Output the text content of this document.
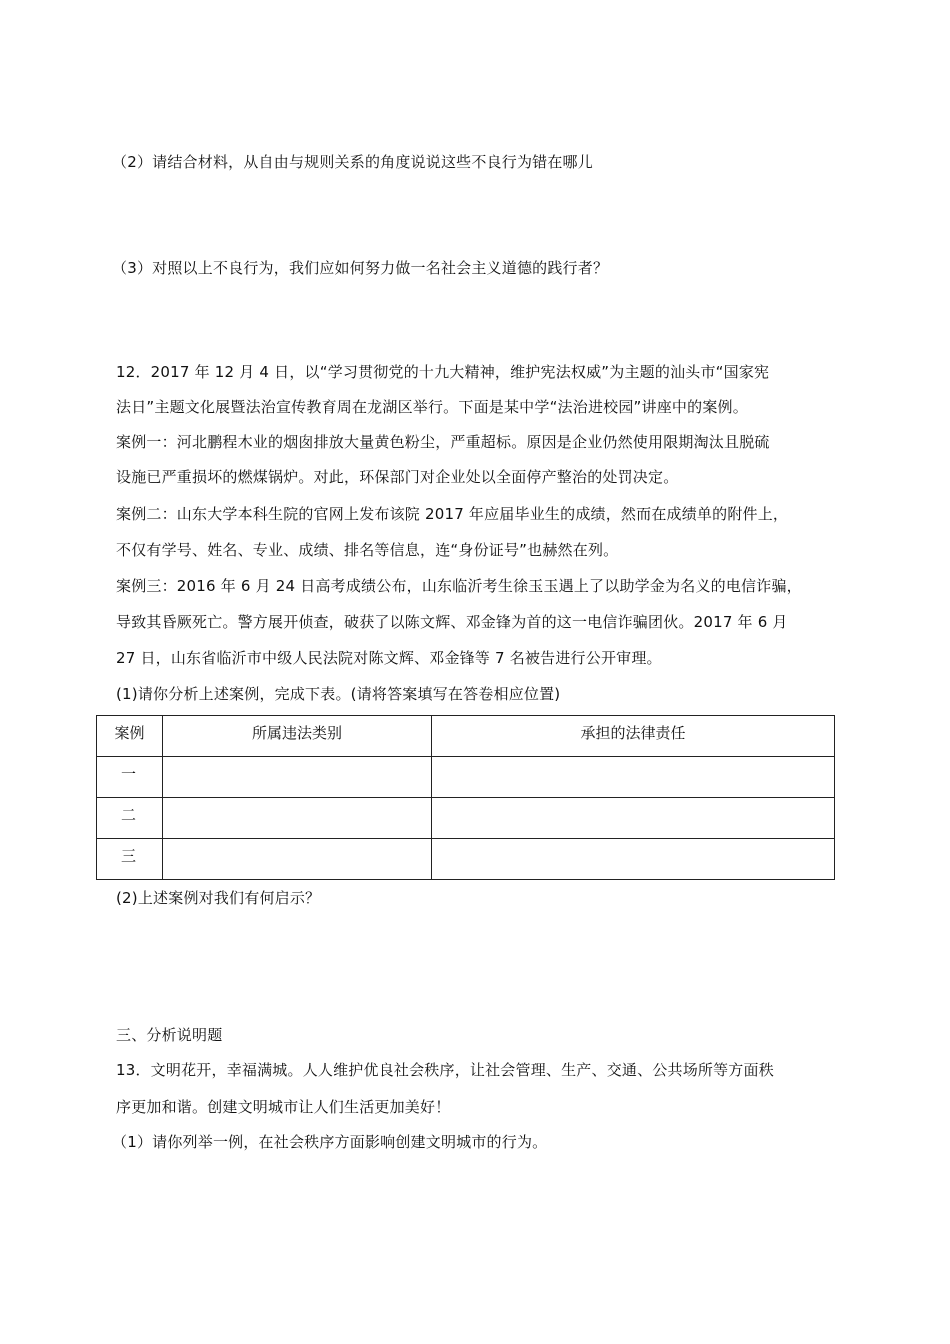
（2）请结合材料，从自由与规则关系的角度说说这些不良行为错在哪儿
（3）对照以上不良行为，我们应如何努力做一名社会主义道德的践行者？
12．2017 年 12 月 4 日，以“学习贯彻党的十九大精神，维护宪法权威”为主题的汕头市“国家宪
法日”主题文化展暨法治宣传教育周在龙湖区举行。下面是某中学“法治进校园”讲座中的案例。
案例一：河北鹏程木业的烟囱排放大量黄色粉尘，严重超标。原因是企业仍然使用限期淘汰且脱硫
设施已严重损坏的燃煤锅炉。对此，环保部门对企业处以全面停产整治的处罚决定。
案例二：山东大学本科生院的官网上发布该院 2017 年应届毕业生的成绩，然而在成绩单的附件上，
不仅有学号、姓名、专业、成绩、排名等信息，连“身份证号”也赫然在列。
案例三：2016 年 6 月 24 日高考成绩公布，山东临沂考生徐玉玉遇上了以助学金为名义的电信诈骗，
导致其昏厥死亡。警方展开侦查，破获了以陈文辉、邓金锋为首的这一电信诈骗团伙。2017 年 6 月
27 日，山东省临沂市中级人民法院对陈文辉、邓金锋等 7 名被告进行公开审理。
(1)请你分析上述案例，完成下表。(请将答案填写在答卷相应位置)
案例	所属违法类别	承担的法律责任
一		
二		
三		
(2)上述案例对我们有何启示？
三、分析说明题
13．文明花开，幸福满城。人人维护优良社会秩序，让社会管理、生产、交通、公共场所等方面秩
序更加和谐。创建文明城市让人们生活更加美好！
（1）请你列举一例，在社会秩序方面影响创建文明城市的行为。
